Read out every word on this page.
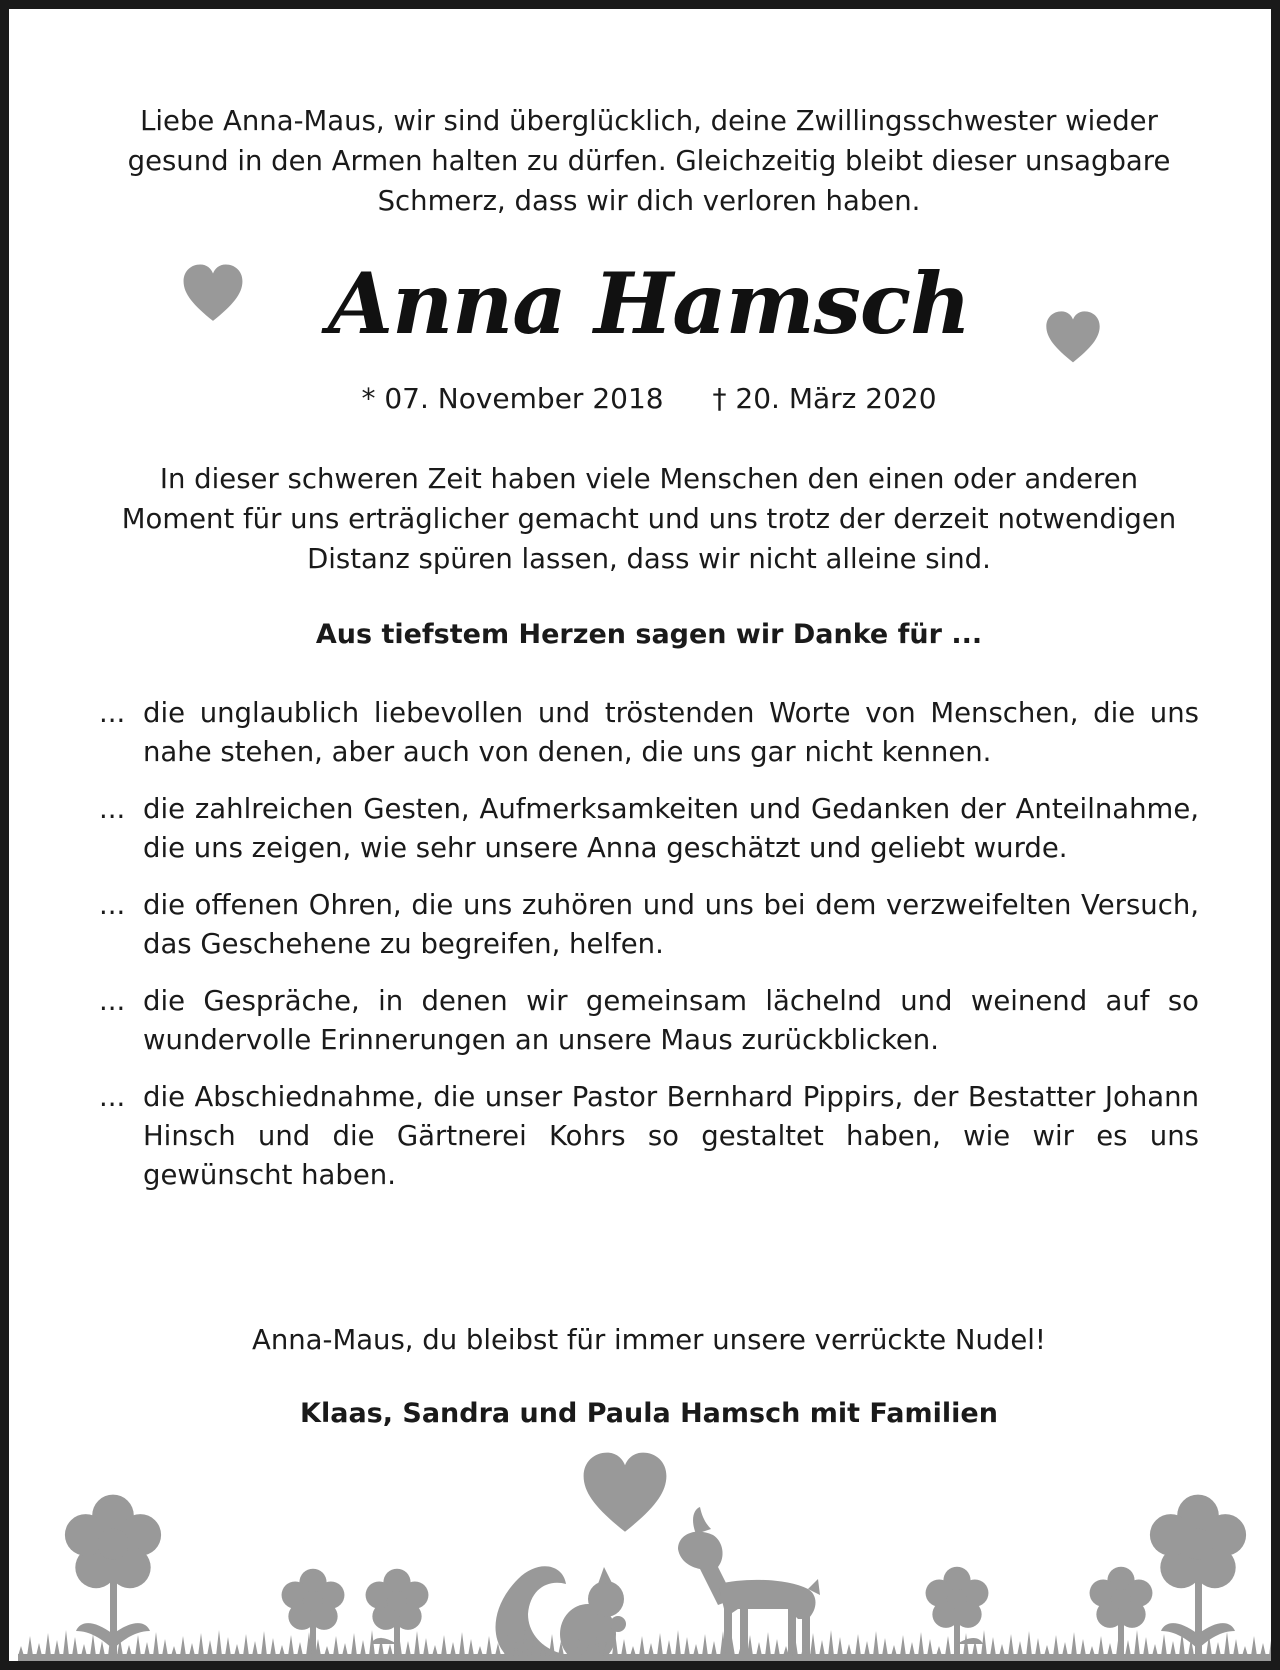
Liebe Anna-Maus, wir sind überglücklich, deine Zwillingsschwester wieder gesund in den Armen halten zu dürfen. Gleichzeitig bleibt dieser unsagbare Schmerz, dass wir dich verloren haben.

Anna Hamsch
* 07. November 2018 † 20. März 2020

In dieser schweren Zeit haben viele Menschen den einen oder anderen Moment für uns erträglicher gemacht und uns trotz der derzeit notwendigen Distanz spüren lassen, dass wir nicht alleine sind.

Aus tiefstem Herzen sagen wir Danke für ...
... die unglaublich liebevollen und tröstenden Worte von Menschen, die uns nahe stehen, aber auch von denen, die uns gar nicht kennen.
... die zahlreichen Gesten, Aufmerksamkeiten und Gedanken der Anteilnahme, die uns zeigen, wie sehr unsere Anna geschätzt und geliebt wurde.
... die offenen Ohren, die uns zuhören und uns bei dem verzweifelten Versuch, das Geschehene zu begreifen, helfen.
... die Gespräche, in denen wir gemeinsam lächelnd und weinend auf so wundervolle Erinnerungen an unsere Maus zurückblicken.
... die Abschiednahme, die unser Pastor Bernhard Pippirs, der Bestatter Johann Hinsch und die Gärtnerei Kohrs so gestaltet haben, wie wir es uns gewünscht haben.
Anna-Maus, du bleibst für immer unsere verrückte Nudel!
Klaas, Sandra und Paula Hamsch mit Familien
